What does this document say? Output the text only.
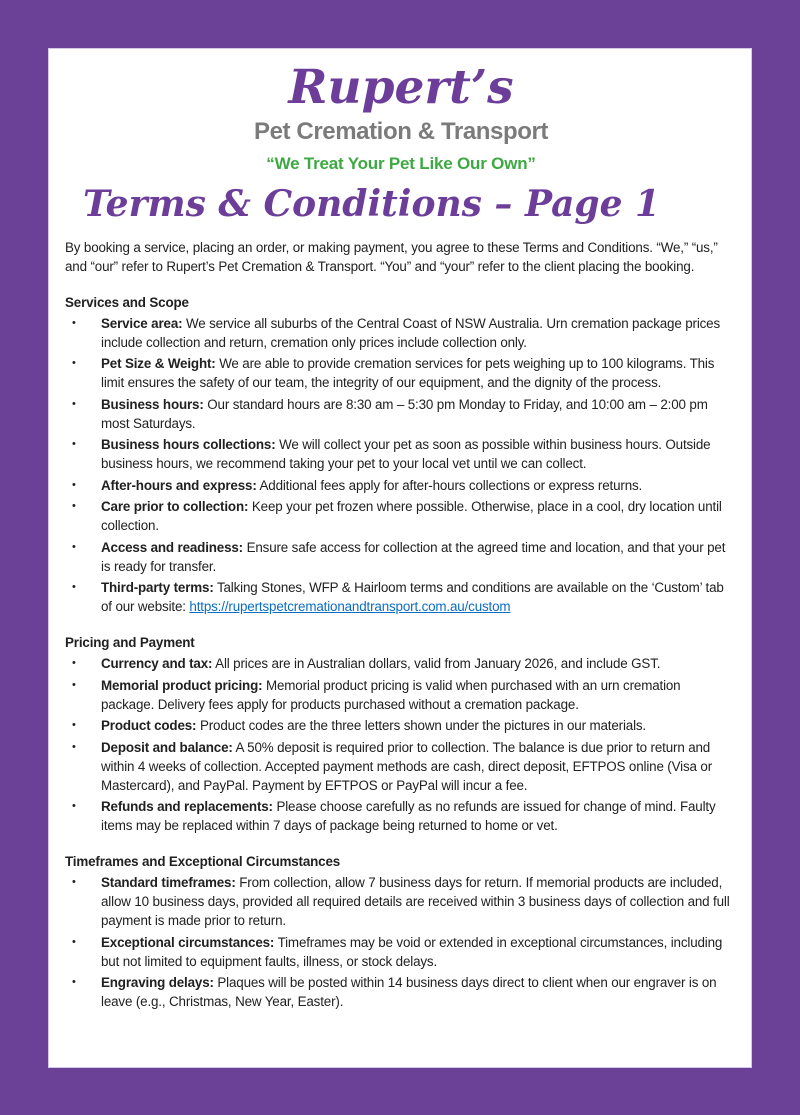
Rupert’s
Pet Cremation & Transport
“We Treat Your Pet Like Our Own”
Terms & Conditions – Page 1

By booking a service, placing an order, or making payment, you agree to these Terms and Conditions. “We,” “us,” and “our” refer to Rupert’s Pet Cremation & Transport. “You” and “your” refer to the client placing the booking.

Services and Scope
•	Service area: We service all suburbs of the Central Coast of NSW Australia. Urn cremation package prices include collection and return, cremation only prices include collection only.
•	Pet Size & Weight: We are able to provide cremation services for pets weighing up to 100 kilograms. This limit ensures the safety of our team, the integrity of our equipment, and the dignity of the process.
•	Business hours: Our standard hours are 8:30 am – 5:30 pm Monday to Friday, and 10:00 am – 2:00 pm most Saturdays.
•	Business hours collections: We will collect your pet as soon as possible within business hours. Outside business hours, we recommend taking your pet to your local vet until we can collect.
•	After-hours and express: Additional fees apply for after-hours collections or express returns.
•	Care prior to collection: Keep your pet frozen where possible. Otherwise, place in a cool, dry location until collection.
•	Access and readiness: Ensure safe access for collection at the agreed time and location, and that your pet is ready for transfer.
•	Third-party terms: Talking Stones, WFP & Hairloom terms and conditions are available on the ‘Custom’ tab of our website: https://rupertspetcremationandtransport.com.au/custom
Pricing and Payment
•	Currency and tax: All prices are in Australian dollars, valid from January 2026, and include GST.
•	Memorial product pricing: Memorial product pricing is valid when purchased with an urn cremation package. Delivery fees apply for products purchased without a cremation package.
•	Product codes: Product codes are the three letters shown under the pictures in our materials.
•	Deposit and balance: A 50% deposit is required prior to collection. The balance is due prior to return and within 4 weeks of collection. Accepted payment methods are cash, direct deposit, EFTPOS online (Visa or Mastercard), and PayPal. Payment by EFTPOS or PayPal will incur a fee.
•	Refunds and replacements: Please choose carefully as no refunds are issued for change of mind. Faulty items may be replaced within 7 days of package being returned to home or vet.
Timeframes and Exceptional Circumstances
•	Standard timeframes: From collection, allow 7 business days for return. If memorial products are included, allow 10 business days, provided all required details are received within 3 business days of collection and full payment is made prior to return.
•	Exceptional circumstances: Timeframes may be void or extended in exceptional circumstances, including but not limited to equipment faults, illness, or stock delays.
•	Engraving delays: Plaques will be posted within 14 business days direct to client when our engraver is on leave (e.g., Christmas, New Year, Easter).
